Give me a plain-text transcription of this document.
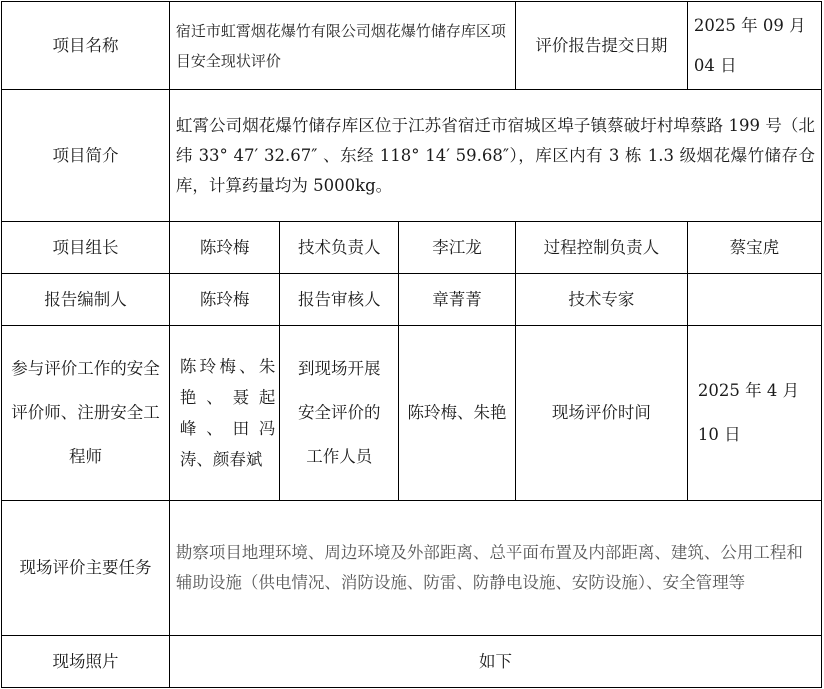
项目名称	宿迁市虹霄烟花爆竹有限公司烟花爆竹储存库区项目安全现状评价			评价报告提交日期	2025 年 09 月 04 日
项目简介	虹霄公司烟花爆竹储存库区位于江苏省宿迁市宿城区埠子镇蔡破圩村埠蔡路 199 号（北纬 33° 47′ 32.67″ 、东经 118° 14′ 59.68″），库区内有 3 栋 1.3 级烟花爆竹储存仓库，计算药量均为 5000kg。				
项目组长	陈玲梅	技术负责人	李江龙	过程控制负责人	蔡宝虎
报告编制人	陈玲梅	报告审核人	章菁菁	技术专家	
参与评价工作的安全评价师、注册安全工程师	陈玲梅、朱艳、聂起峰、田冯涛、颜春斌	到现场开展安全评价的工作人员	陈玲梅、朱艳	现场评价时间	2025 年 4 月 10 日
现场评价主要任务	勘察项目地理环境、周边环境及外部距离、总平面布置及内部距离、建筑、公用工程和辅助设施（供电情况、消防设施、防雷、防静电设施、安防设施）、安全管理等				
现场照片	如下				
